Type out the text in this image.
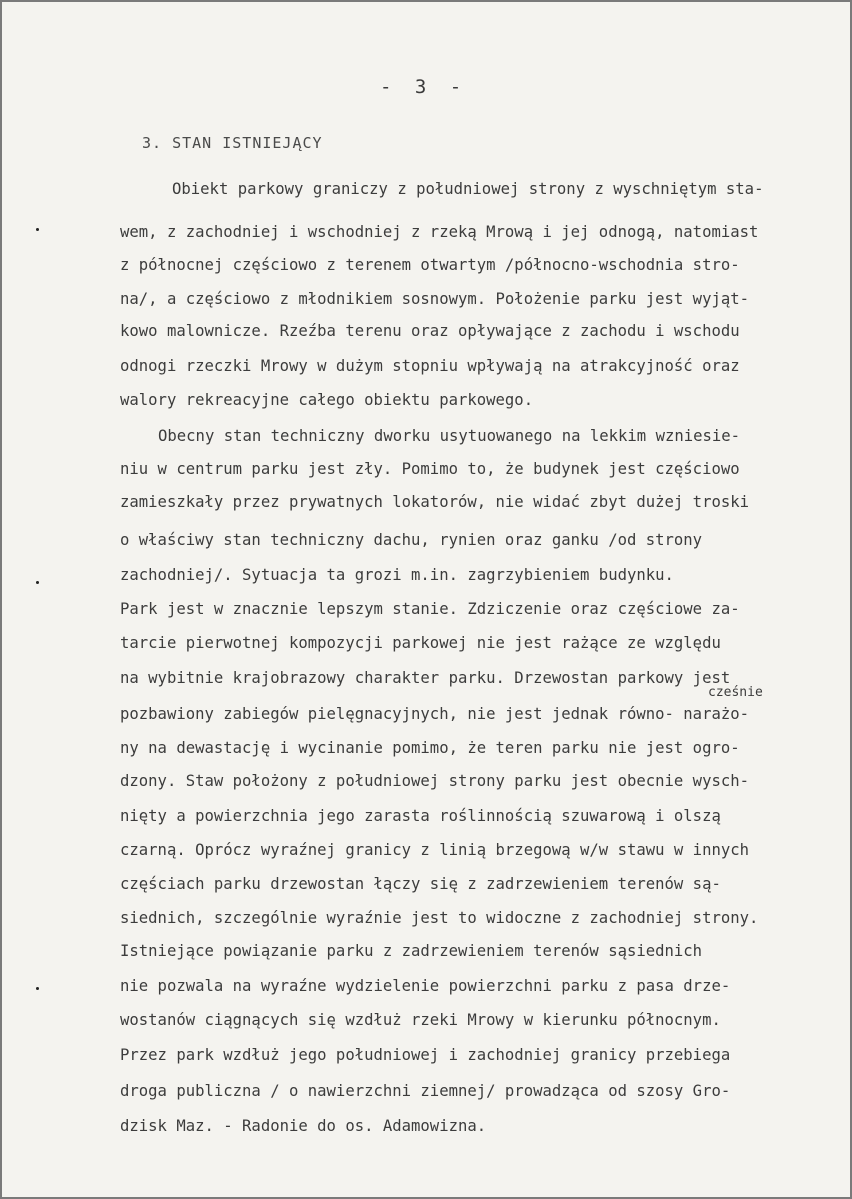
- 3 -
3. STAN ISTNIEJĄCY
Obiekt parkowy graniczy z południowej strony z wyschniętym sta-
wem, z zachodniej i wschodniej z rzeką Mrową i jej odnogą, natomiast
z północnej częściowo z terenem otwartym /północno-wschodnia stro-
na/, a częściowo z młodnikiem sosnowym. Położenie parku jest wyjąt-
kowo malownicze. Rzeźba terenu oraz opływające z zachodu i wschodu
odnogi rzeczki Mrowy w dużym stopniu wpływają na atrakcyjność oraz
walory rekreacyjne całego obiektu parkowego.
Obecny stan techniczny dworku usytuowanego na lekkim wzniesie-
niu w centrum parku jest zły. Pomimo to, że budynek jest częściowo
zamieszkały przez prywatnych lokatorów, nie widać zbyt dużej troski
o właściwy stan techniczny dachu, rynien oraz ganku /od strony
zachodniej/. Sytuacja ta grozi m.in. zagrzybieniem budynku.
Park jest w znacznie lepszym stanie. Zdziczenie oraz częściowe za-
tarcie pierwotnej kompozycji parkowej nie jest rażące ze względu
na wybitnie krajobrazowy charakter parku. Drzewostan parkowy jest
pozbawiony zabiegów pielęgnacyjnych, nie jest jednak równo- narażo-
ny na dewastację i wycinanie pomimo, że teren parku nie jest ogro-
dzony. Staw położony z południowej strony parku jest obecnie wysch-
nięty a powierzchnia jego zarasta roślinnością szuwarową i olszą
czarną. Oprócz wyraźnej granicy z linią brzegową w/w stawu w innych
częściach parku drzewostan łączy się z zadrzewieniem terenów są-
siednich, szczególnie wyraźnie jest to widoczne z zachodniej strony.
Istniejące powiązanie parku z zadrzewieniem terenów sąsiednich
nie pozwala na wyraźne wydzielenie powierzchni parku z pasa drze-
wostanów ciągnących się wzdłuż rzeki Mrowy w kierunku północnym.
Przez park wzdłuż jego południowej i zachodniej granicy przebiega
droga publiczna / o nawierzchni ziemnej/ prowadząca od szosy Gro-
dzisk Maz. - Radonie do os. Adamowizna.
cześnie
